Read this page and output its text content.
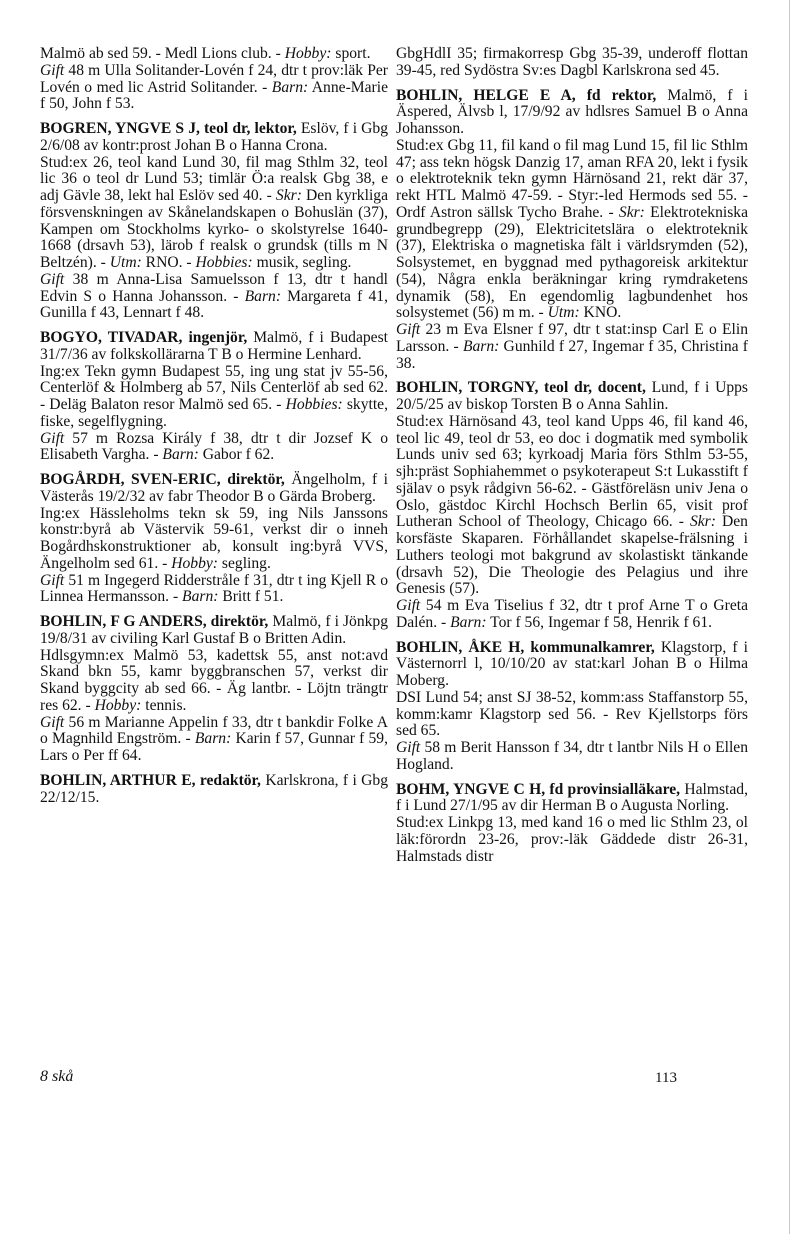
Malmö ab sed 59. - Medl Lions club. - Hobby: sport.
Gift 48 m Ulla Solitander-Lovén f 24, dtr t prov:läk Per Lovén o med lic Astrid Solitander. - Barn: Anne-Marie f 50, John f 53.

BOGREN, YNGVE S J, teol dr, lektor, Eslöv, f i Gbg 2/6/08 av kontr:prost Johan B o Hanna Crona.

Stud:ex 26, teol kand Lund 30, fil mag Sthlm 32, teol lic 36 o teol dr Lund 53; timlär Ö:a realsk Gbg 38, e adj Gävle 38, lekt hal Eslöv sed 40. - Skr: Den kyrkliga försvenskningen av Skånelandskapen o Bohuslän (37), Kampen om Stockholms kyrko- o skolstyrelse 1640-1668 (drsavh 53), lärob f realsk o grundsk (tills m N Beltzén). - Utm: RNO. - Hobbies: musik, segling.

Gift 38 m Anna-Lisa Samuelsson f 13, dtr t handl Edvin S o Hanna Johansson. - Barn: Margareta f 41, Gunilla f 43, Lennart f 48.

BOGYO, TIVADAR, ingenjör, Malmö, f i Budapest 31/7/36 av folkskollärarna T B o Hermine Lenhard.

Ing:ex Tekn gymn Budapest 55, ing ung stat jv 55-56, Centerlöf & Holmberg ab 57, Nils Centerlöf ab sed 62. - Deläg Balaton resor Malmö sed 65. - Hobbies: skytte, fiske, segelflygning.

Gift 57 m Rozsa Király f 38, dtr t dir Jozsef K o Elisabeth Vargha. - Barn: Gabor f 62.

BOGÅRDH, SVEN-ERIC, direktör, Ängelholm, f i Västerås 19/2/32 av fabr Theodor B o Gärda Broberg.

Ing:ex Hässleholms tekn sk 59, ing Nils Janssons konstr:byrå ab Västervik 59-61, verkst dir o inneh Bogårdhskonstruktioner ab, konsult ing:byrå VVS, Ängelholm sed 61. - Hobby: segling.

Gift 51 m Ingegerd Ridderstråle f 31, dtr t ing Kjell R o Linnea Hermansson. - Barn: Britt f 51.

BOHLIN, F G ANDERS, direktör, Malmö, f i Jönkpg 19/8/31 av civiling Karl Gustaf B o Britten Adin.

Hdlsgymn:ex Malmö 53, kadettsk 55, anst not:avd Skand bkn 55, kamr byggbranschen 57, verkst dir Skand byggcity ab sed 66. - Äg lantbr. - Löjtn trängtr res 62. - Hobby: tennis.

Gift 56 m Marianne Appelin f 33, dtr t bankdir Folke A o Magnhild Engström. - Barn: Karin f 57, Gunnar f 59, Lars o Per ff 64.

BOHLIN, ARTHUR E, redaktör, Karlskrona, f i Gbg 22/12/15.

GbgHdlI 35; firmakorresp Gbg 35-39, underoff flottan 39-45, red Sydöstra Sv:es Dagbl Karlskrona sed 45.

BOHLIN, HELGE E A, fd rektor, Malmö, f i Äspered, Älvsb l, 17/9/92 av hdlsres Samuel B o Anna Johansson.

Stud:ex Gbg 11, fil kand o fil mag Lund 15, fil lic Sthlm 47; ass tekn högsk Danzig 17, aman RFA 20, lekt i fysik o elektroteknik tekn gymn Härnösand 21, rekt där 37, rekt HTL Malmö 47-59. - Styr:-led Hermods sed 55. - Ordf Astron sällsk Tycho Brahe. - Skr: Elektrotekniska grundbegrepp (29), Elektricitetslära o elektroteknik (37), Elektriska o magnetiska fält i världsrymden (52), Solsystemet, en byggnad med pythagoreisk arkitektur (54), Några enkla beräkningar kring rymdraketens dynamik (58), En egendomlig lagbundenhet hos solsystemet (56) m m. - Utm: KNO.

Gift 23 m Eva Elsner f 97, dtr t stat:insp Carl E o Elin Larsson. - Barn: Gunhild f 27, Ingemar f 35, Christina f 38.

BOHLIN, TORGNY, teol dr, docent, Lund, f i Upps 20/5/25 av biskop Torsten B o Anna Sahlin.

Stud:ex Härnösand 43, teol kand Upps 46, fil kand 46, teol lic 49, teol dr 53, eo doc i dogmatik med symbolik Lunds univ sed 63; kyrkoadj Maria förs Sthlm 53-55, sjh:präst Sophiahemmet o psykoterapeut S:t Lukasstift f själav o psyk rådgivn 56-62. - Gästföreläsn univ Jena o Oslo, gästdoc Kirchl Hochsch Berlin 65, visit prof Lutheran School of Theology, Chicago 66. - Skr: Den korsfäste Skaparen. Förhållandet skapelse-frälsning i Luthers teologi mot bakgrund av skolastiskt tänkande (drsavh 52), Die Theologie des Pelagius und ihre Genesis (57).

Gift 54 m Eva Tiselius f 32, dtr t prof Arne T o Greta Dalén. - Barn: Tor f 56, Ingemar f 58, Henrik f 61.

BOHLIN, ÅKE H, kommunalkamrer, Klagstorp, f i Västernorrl l, 10/10/20 av stat:karl Johan B o Hilma Moberg.

DSI Lund 54; anst SJ 38-52, komm:ass Staffanstorp 55, komm:kamr Klagstorp sed 56. - Rev Kjellstorps förs sed 65.

Gift 58 m Berit Hansson f 34, dtr t lantbr Nils H o Ellen Hogland.

BOHM, YNGVE C H, fd provinsialläkare, Halmstad, f i Lund 27/1/95 av dir Herman B o Augusta Norling.

Stud:ex Linkpg 13, med kand 16 o med lic Sthlm 23, ol läk:förordn 23-26, prov:-läk Gäddede distr 26-31, Halmstads distr

8 skå	113
